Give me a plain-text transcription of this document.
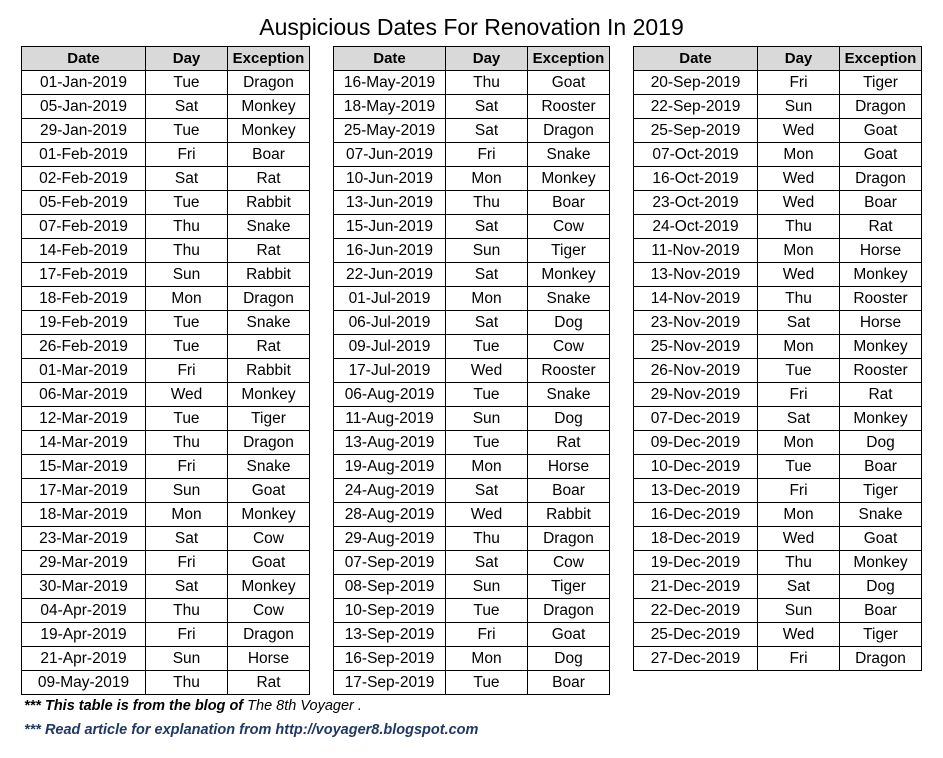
Auspicious Dates For Renovation In 2019
Date	Day	Exception
01-Jan-2019	Tue	Dragon
05-Jan-2019	Sat	Monkey
29-Jan-2019	Tue	Monkey
01-Feb-2019	Fri	Boar
02-Feb-2019	Sat	Rat
05-Feb-2019	Tue	Rabbit
07-Feb-2019	Thu	Snake
14-Feb-2019	Thu	Rat
17-Feb-2019	Sun	Rabbit
18-Feb-2019	Mon	Dragon
19-Feb-2019	Tue	Snake
26-Feb-2019	Tue	Rat
01-Mar-2019	Fri	Rabbit
06-Mar-2019	Wed	Monkey
12-Mar-2019	Tue	Tiger
14-Mar-2019	Thu	Dragon
15-Mar-2019	Fri	Snake
17-Mar-2019	Sun	Goat
18-Mar-2019	Mon	Monkey
23-Mar-2019	Sat	Cow
29-Mar-2019	Fri	Goat
30-Mar-2019	Sat	Monkey
04-Apr-2019	Thu	Cow
19-Apr-2019	Fri	Dragon
21-Apr-2019	Sun	Horse
09-May-2019	Thu	Rat
Date	Day	Exception
16-May-2019	Thu	Goat
18-May-2019	Sat	Rooster
25-May-2019	Sat	Dragon
07-Jun-2019	Fri	Snake
10-Jun-2019	Mon	Monkey
13-Jun-2019	Thu	Boar
15-Jun-2019	Sat	Cow
16-Jun-2019	Sun	Tiger
22-Jun-2019	Sat	Monkey
01-Jul-2019	Mon	Snake
06-Jul-2019	Sat	Dog
09-Jul-2019	Tue	Cow
17-Jul-2019	Wed	Rooster
06-Aug-2019	Tue	Snake
11-Aug-2019	Sun	Dog
13-Aug-2019	Tue	Rat
19-Aug-2019	Mon	Horse
24-Aug-2019	Sat	Boar
28-Aug-2019	Wed	Rabbit
29-Aug-2019	Thu	Dragon
07-Sep-2019	Sat	Cow
08-Sep-2019	Sun	Tiger
10-Sep-2019	Tue	Dragon
13-Sep-2019	Fri	Goat
16-Sep-2019	Mon	Dog
17-Sep-2019	Tue	Boar
Date	Day	Exception
20-Sep-2019	Fri	Tiger
22-Sep-2019	Sun	Dragon
25-Sep-2019	Wed	Goat
07-Oct-2019	Mon	Goat
16-Oct-2019	Wed	Dragon
23-Oct-2019	Wed	Boar
24-Oct-2019	Thu	Rat
11-Nov-2019	Mon	Horse
13-Nov-2019	Wed	Monkey
14-Nov-2019	Thu	Rooster
23-Nov-2019	Sat	Horse
25-Nov-2019	Mon	Monkey
26-Nov-2019	Tue	Rooster
29-Nov-2019	Fri	Rat
07-Dec-2019	Sat	Monkey
09-Dec-2019	Mon	Dog
10-Dec-2019	Tue	Boar
13-Dec-2019	Fri	Tiger
16-Dec-2019	Mon	Snake
18-Dec-2019	Wed	Goat
19-Dec-2019	Thu	Monkey
21-Dec-2019	Sat	Dog
22-Dec-2019	Sun	Boar
25-Dec-2019	Wed	Tiger
27-Dec-2019	Fri	Dragon
*** This table is from the blog of The 8th Voyager .
*** Read article for explanation from http://voyager8.blogspot.com
